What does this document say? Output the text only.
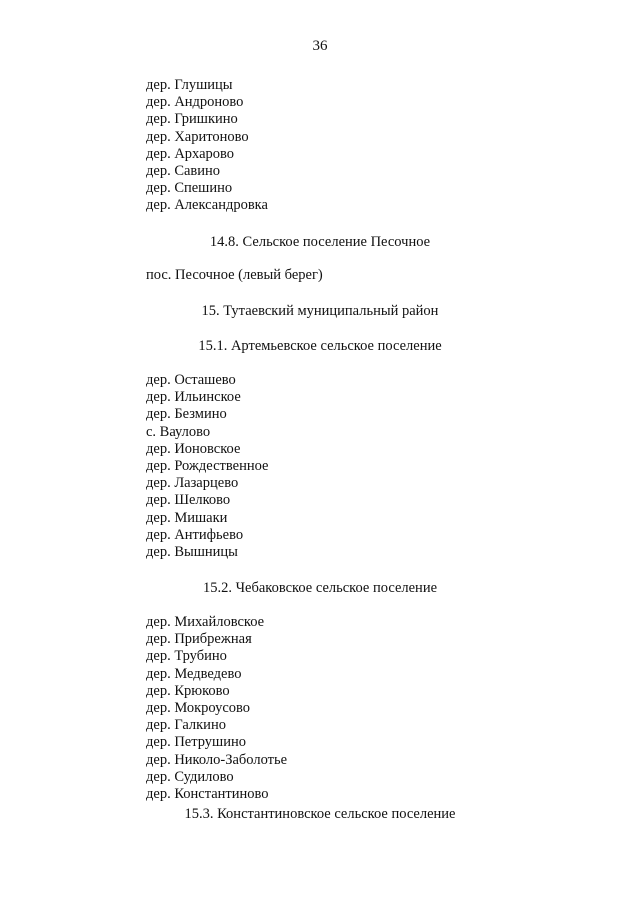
36
дер. Глушицы
дер. Андроново
дер. Гришкино
дер. Харитоново
дер. Архарово
дер. Савино
дер. Спешино
дер. Александровка
14.8. Сельское поселение Песочное
пос. Песочное (левый берег)
15. Тутаевский муниципальный район
15.1. Артемьевское сельское поселение
дер. Осташево
дер. Ильинское
дер. Безмино
с. Ваулово
дер. Ионовское
дер. Рождественное
дер. Лазарцево
дер. Шелково
дер. Мишаки
дер. Антифьево
дер. Вышницы
15.2. Чебаковское сельское поселение
дер. Михайловское
дер. Прибрежная
дер. Трубино
дер. Медведево
дер. Крюково
дер. Мокроусово
дер. Галкино
дер. Петрушино
дер. Николо-Заболотье
дер. Судилово
дер. Константиново
15.3. Константиновское сельское поселение
